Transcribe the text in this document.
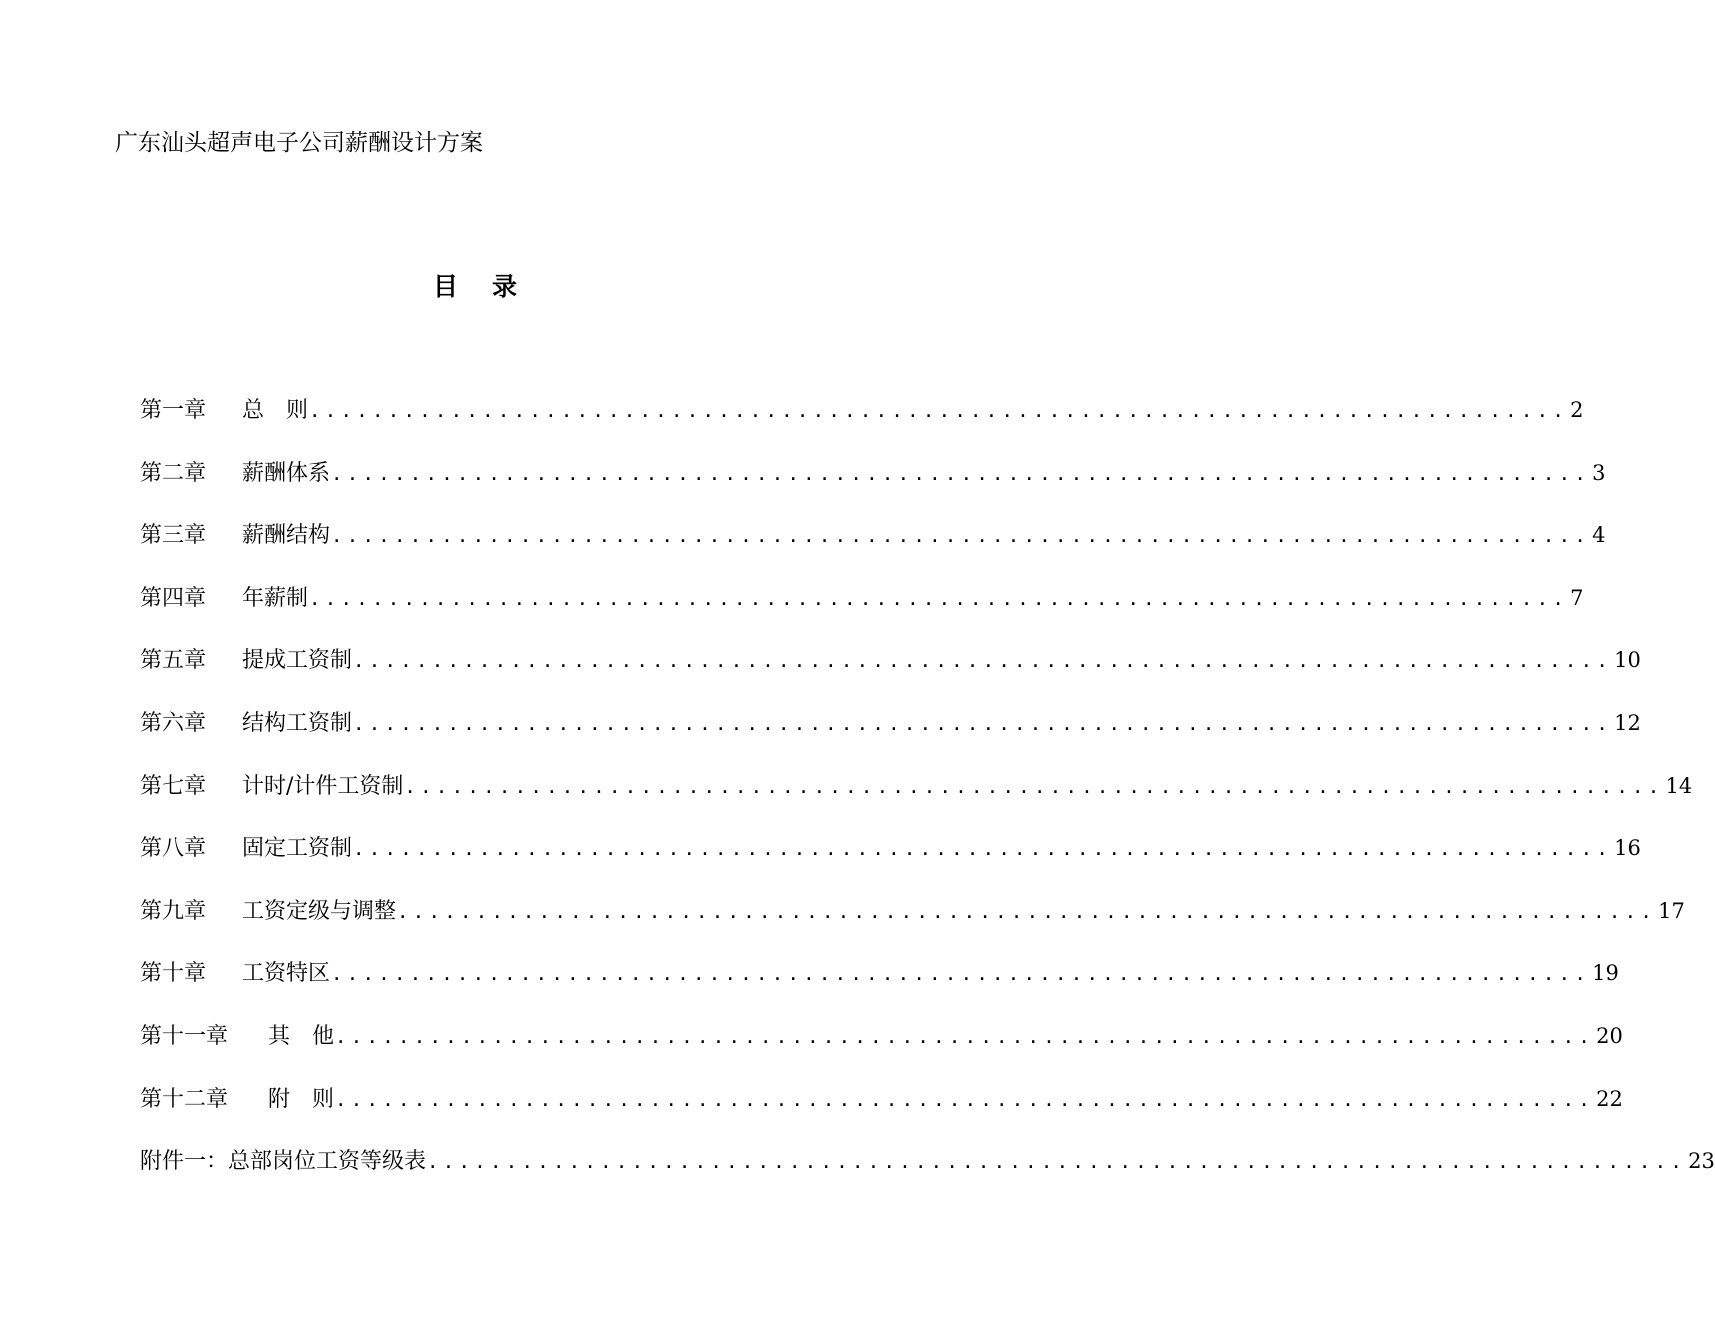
广东汕头超声电子公司薪酬设计方案
目 录
第一章	总　则 ................................................................................ 2
第二章	薪酬体系 ................................................................................ 3
第三章	薪酬结构 ................................................................................ 4
第四章	年薪制 ................................................................................ 7
第五章	提成工资制 ................................................................................ 10
第六章	结构工资制 ................................................................................ 12
第七章	计时/计件工资制 ................................................................................ 14
第八章	固定工资制 ................................................................................ 16
第九章	工资定级与调整 ................................................................................ 17
第十章	工资特区 ................................................................................ 19
第十一章	其　他 ................................................................................ 20
第十二章	附　则 ................................................................................ 22
附件一： 总部岗位工资等级表 ................................................................................ 23
